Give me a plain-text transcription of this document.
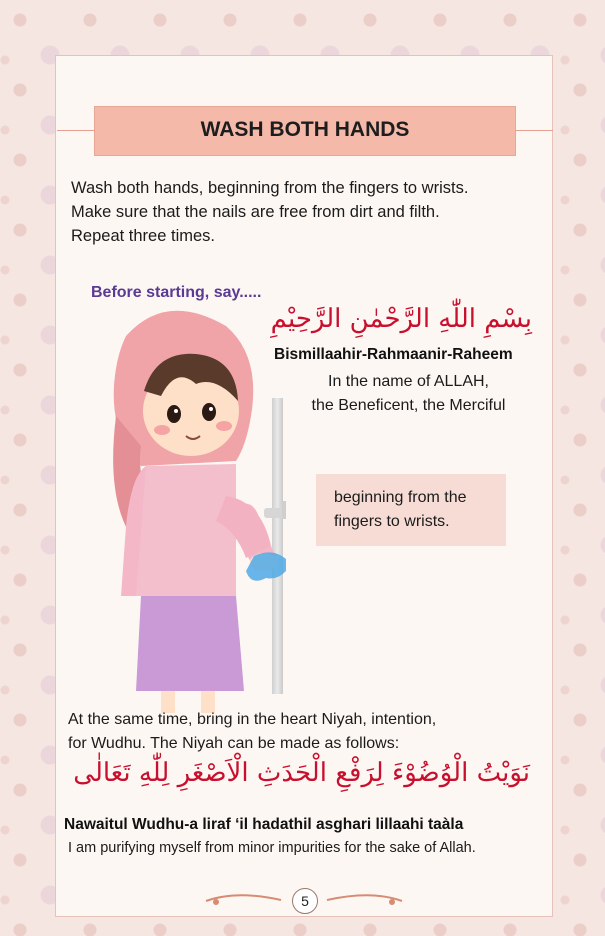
WASH BOTH HANDS
Wash both hands, beginning from the fingers to wrists.
Make sure that the nails are free from dirt and filth.
Repeat three times.
Before starting, say.....
بِسْمِ اللّٰهِ الرَّحْمٰنِ الرَّحِيْمِ
Bismillaahir-Rahmaanir-Raheem
In the name of ALLAH,
the Beneficent, the Merciful
beginning from the
fingers to wrists.
At the same time, bring in the heart Niyah, intention,
for Wudhu. The Niyah can be made as follows:
نَوَيْتُ الْوُضُوْءَ لِرَفْعِ الْحَدَثِ الْاَصْغَرِ لِلّٰهِ تَعَالٰى
Nawaitul Wudhu-a liraf ‘il hadathil asghari lillaahi taàla
I am purifying myself from minor impurities for the sake of Allah.
5
